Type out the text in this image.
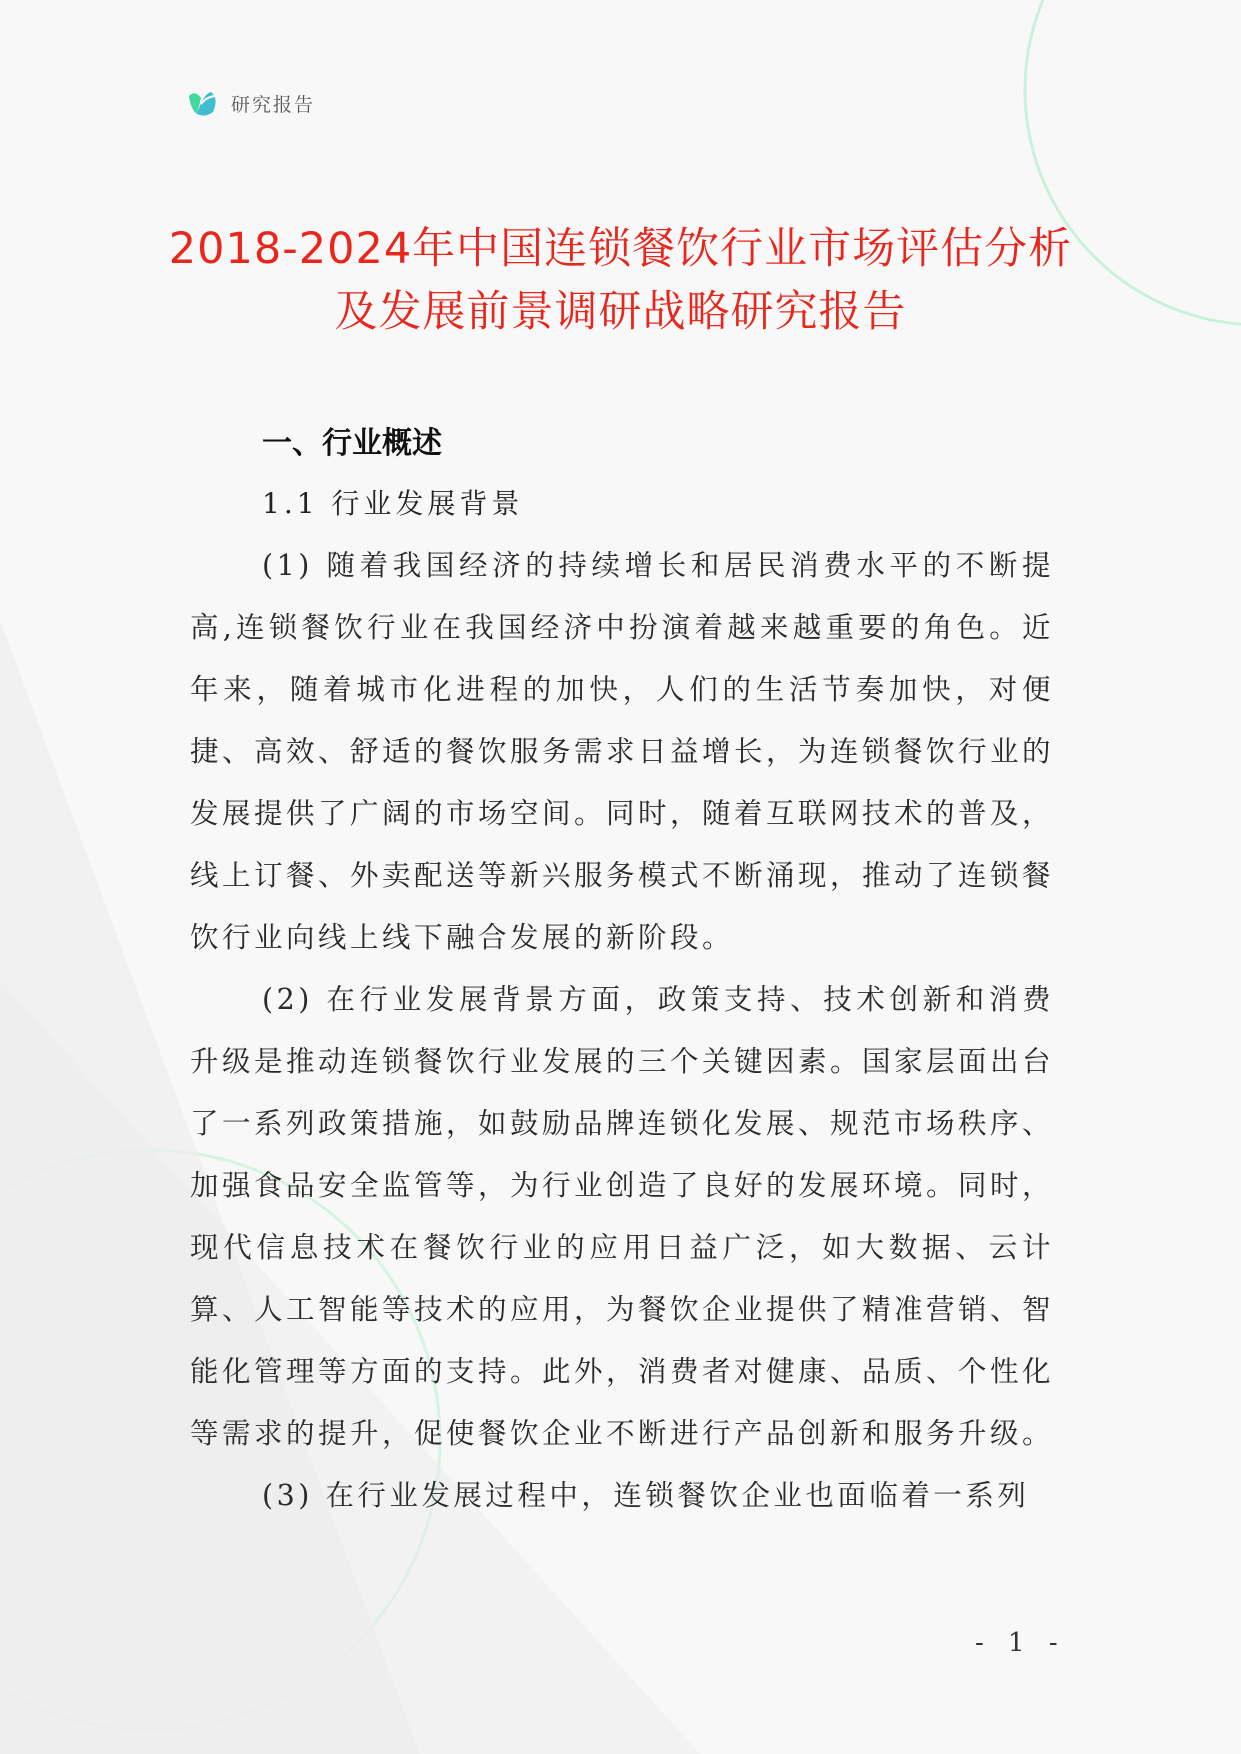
研究报告
2018-2024年中国连锁餐饮行业市场评估分析及发展前景调研战略研究报告

一、行业概述

1.1 行业发展背景

(1) 随着我国经济的持续增长和居民消费水平的不断提高,连锁餐饮行业在我国经济中扮演着越来越重要的角色。近年来，随着城市化进程的加快，人们的生活节奏加快，对便捷、高效、舒适的餐饮服务需求日益增长，为连锁餐饮行业的发展提供了广阔的市场空间。同时，随着互联网技术的普及，线上订餐、外卖配送等新兴服务模式不断涌现，推动了连锁餐饮行业向线上线下融合发展的新阶段。

(2) 在行业发展背景方面，政策支持、技术创新和消费升级是推动连锁餐饮行业发展的三个关键因素。国家层面出台了一系列政策措施，如鼓励品牌连锁化发展、规范市场秩序、加强食品安全监管等，为行业创造了良好的发展环境。同时，现代信息技术在餐饮行业的应用日益广泛，如大数据、云计算、人工智能等技术的应用，为餐饮企业提供了精准营销、智能化管理等方面的支持。此外，消费者对健康、品质、个性化等需求的提升，促使餐饮企业不断进行产品创新和服务升级。

(3) 在行业发展过程中，连锁餐饮企业也面临着一系列

- 1 -
